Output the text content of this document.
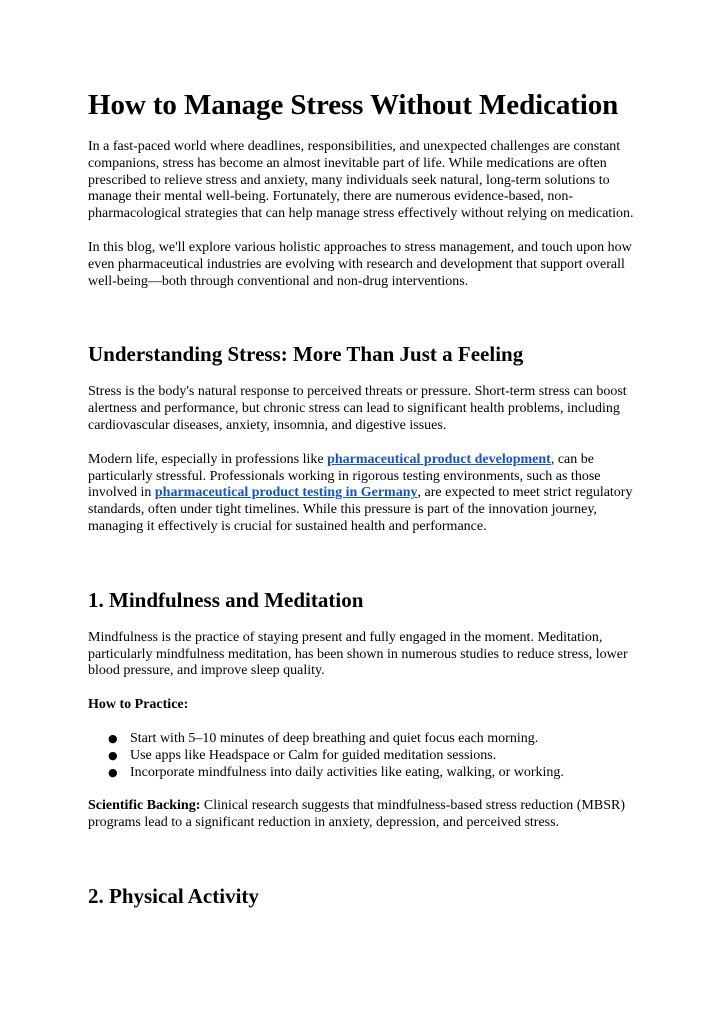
How to Manage Stress Without Medication

In a fast-paced world where deadlines, responsibilities, and unexpected challenges are constant companions, stress has become an almost inevitable part of life. While medications are often prescribed to relieve stress and anxiety, many individuals seek natural, long-term solutions to manage their mental well-being. Fortunately, there are numerous evidence-based, non-pharmacological strategies that can help manage stress effectively without relying on medication.

In this blog, we'll explore various holistic approaches to stress management, and touch upon how even pharmaceutical industries are evolving with research and development that support overall well-being—both through conventional and non-drug interventions.

Understanding Stress: More Than Just a Feeling

Stress is the body's natural response to perceived threats or pressure. Short-term stress can boost alertness and performance, but chronic stress can lead to significant health problems, including cardiovascular diseases, anxiety, insomnia, and digestive issues.

Modern life, especially in professions like pharmaceutical product development, can be particularly stressful. Professionals working in rigorous testing environments, such as those involved in pharmaceutical product testing in Germany, are expected to meet strict regulatory standards, often under tight timelines. While this pressure is part of the innovation journey, managing it effectively is crucial for sustained health and performance.

1. Mindfulness and Meditation

Mindfulness is the practice of staying present and fully engaged in the moment. Meditation, particularly mindfulness meditation, has been shown in numerous studies to reduce stress, lower blood pressure, and improve sleep quality.

How to Practice:

● Start with 5–10 minutes of deep breathing and quiet focus each morning.
● Use apps like Headspace or Calm for guided meditation sessions.
● Incorporate mindfulness into daily activities like eating, walking, or working.

Scientific Backing: Clinical research suggests that mindfulness-based stress reduction (MBSR) programs lead to a significant reduction in anxiety, depression, and perceived stress.

2. Physical Activity
